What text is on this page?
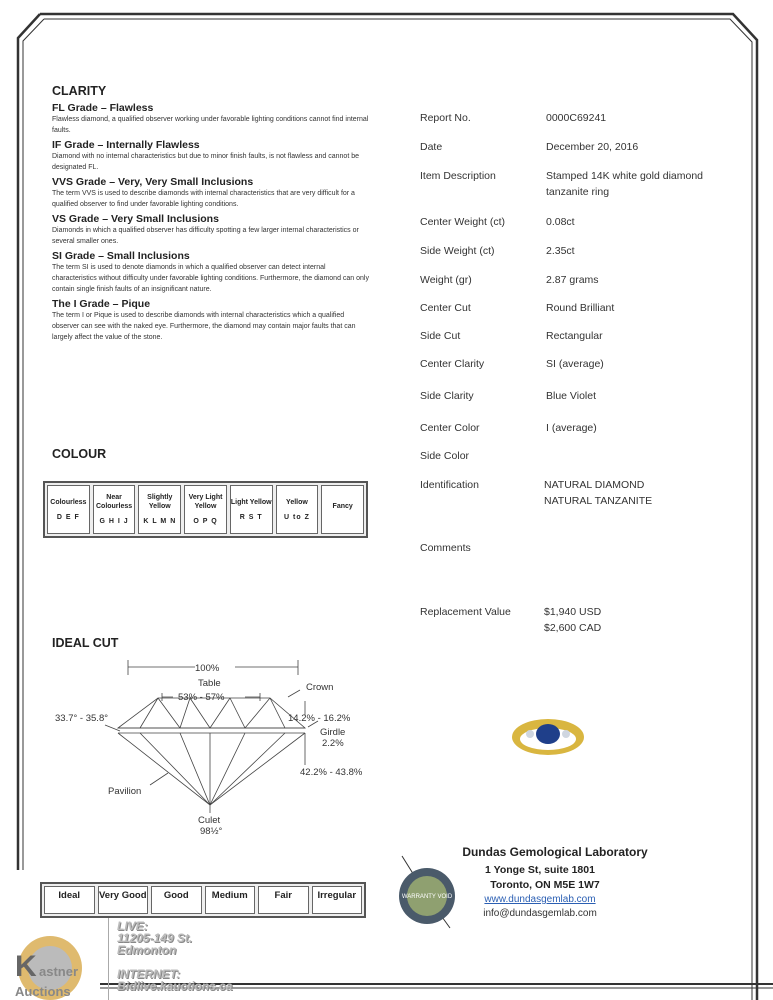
CLARITY
FL Grade – Flawless
Flawless diamond, a qualified observer working under favorable lighting conditions cannot find internal faults.
IF Grade – Internally Flawless
Diamond with no internal characteristics but due to minor finish faults, is not flawless and cannot be designated FL.
VVS Grade – Very, Very Small Inclusions
The term VVS is used to describe diamonds with internal characteristics that are very difficult for a qualified observer to find under favorable lighting conditions.
VS Grade – Very Small Inclusions
Diamonds in which a qualified observer has difficulty spotting a few larger internal characteristics or several smaller ones.
SI Grade – Small Inclusions
The term SI is used to denote diamonds in which a qualified observer can detect internal characteristics without difficulty under favorable lighting conditions. Furthermore, the diamond can only contain single finish faults of an insignificant nature.
The I Grade – Pique
The term I or Pique is used to describe diamonds with internal characteristics which a qualified observer can see with the naked eye. Furthermore, the diamond may contain major faults that can largely affect the value of the stone.
COLOUR
Colourless
D E F
Near Colourless
G H I J
Slightly Yellow
K L M N
Very Light Yellow
O P Q
Light Yellow
R S T
Yellow
U to Z
Fancy
IDEAL CUT
100%
Table
53% - 57%
Crown
33.7° - 35.8°	14.2% - 16.2%
Girdle
2.2%
42.2% - 43.8%
Pavilion
Culet
98½°
Ideal	Very Good	Good	Medium	Fair	Irregular
Report No.	0000C69241
Date	December 20, 2016
Item Description	Stamped 14K white gold diamond
tanzanite ring
Center Weight (ct)	0.08ct
Side Weight (ct)	2.35ct
Weight (gr)	2.87 grams
Center Cut	Round Brilliant
Side Cut	Rectangular
Center Clarity	SI (average)
Side Clarity	Blue Violet
Center Color	I (average)
Side Color
Identification	NATURAL DIAMOND
NATURAL TANZANITE
Comments
Replacement Value	$1,940 USD
$2,600 CAD
WARRANTY VOID
Dundas Gemological Laboratory
1 Yonge St, suite 1801
Toronto, ON M5E 1W7
www.dundasgemlab.com
info@dundasgemlab.com
K astner
Auctions
LIVE:
11205-149 St.
Edmonton
INTERNET:
Bidlive.kauctions.ca
